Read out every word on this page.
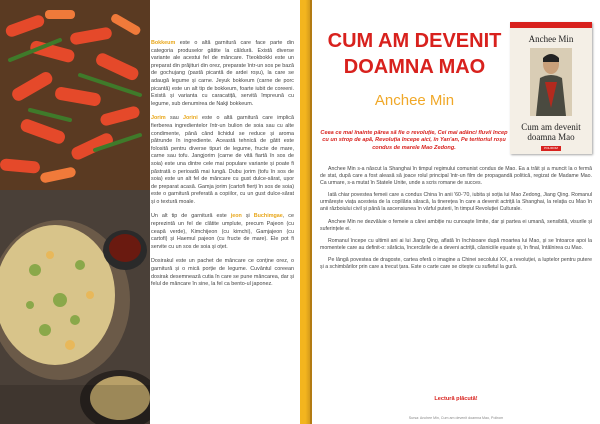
Bokkeum este o altă garnitură care face parte din categoria produselor gătite la căldură. Există diverse variante ale acestui fel de mâncare. Tteokbokki este un preparat din prăjituri din orez, preparate într-un sos pe bază de gochujang (pastă picantă de ardei roșu), la care se adaugă legume și carne. Jeyuk bokkeum (carne de porc picantă) este un alt tip de bokkeum, foarte iubit de coreeni. Există și varianta cu caracatiță, servită împreună cu legume, sub denumirea de Nakji bokkeum.

Jorim sau Jorini este o altă garnitură care implică fierberea ingredientelor într-un bulion de soia sau cu alte condimente, până când lichidul se reduce și aroma pătrunde în ingrediente. Această tehnică de gătit este folosită pentru diverse tipuri de legume, fructe de mare, carne sau tofu. Jangjorim (carne de vită fiartă în sos de soia) este una dintre cele mai populare variante și poate fi păstrată o perioadă mai lungă. Dubu jorim (tofu în sos de soia) este un alt fel de mâncare cu gust dulce-sărat, ușor de preparat acasă. Gamja jorim (cartofi fierți în sos de soia) este o garnitură preferată a copiilor, cu un gust dulce-sărat și o textură moale.

Un alt tip de garnitură este jeon și Buchimgae, ce reprezintă un fel de clătite umplute, precum Pajeon (cu ceapă verde), Kimchijeon (cu kimchi), Gamjajeon (cu cartofi) și Haemul pajeon (cu fructe de mare). Ele pot fi servite cu un sos de soia și oțet.

Dosirakul este un pachet de mâncare ce conține orez, o garnitură și o mică porție de legume. Cuvântul coreean dosirak desemnează cutia în care se pune mâncarea, dar și felul de mâncare în sine, la fel ca bento-ul japonez.

CUM AM DEVENIT DOAMNA MAO
Anchee Min
Ceea ce mai înainte părea să fie o revoluție, Cei mai adânci fluvii încep cu un strop de apă, Revoluția începe aici, în Yan'an, Pe teritoriul roșu condus de marele Mao Zedong.
Anchee Min
Cum am devenit doamna Mao
POLIROM

Anchee Min s-a născut la Shanghai în timpul regimului comunist condus de Mao. Ea a trăit și a muncit la o fermă de stat, după care a fost aleasă să joace rolul principal într-un film de propagandă politică, regizat de Madame Mao. Ca urmare, s-a mutat în Statele Unite, unde a scris romane de succes.

Iată chiar povestea femeii care a condus China în anii '60-'70, iubita și soția lui Mao Zedong, Jiang Qing. Romanul urmărește viața acesteia de la copilăria săracă, la tinerețea în care a devenit actriță la Shanghai, la relația cu Mao în anii războiului civil și până la ascensiunea în vârful puterii, în timpul Revoluției Culturale.

Anchee Min ne dezvăluie o femeie a cărei ambiție nu cunoaște limite, dar și partea ei umană, sensibilă, visurile și suferințele ei.

Romanul începe cu ultimii ani ai lui Jiang Qing, aflată în închisoare după moartea lui Mao, și se întoarce apoi la momentele care au definit-o: sărăcia, încercările de a deveni actriță, căsniciile eșuate și, în final, întâlnirea cu Mao.

Pe lângă povestea de dragoste, cartea oferă o imagine a Chinei secolului XX, a revoluției, a luptelor pentru putere și a schimbărilor prin care a trecut țara. Este o carte care se citește cu sufletul la gură.

Lectură plăcută!
Sursa: Anchee Min, Cum am devenit doamna Mao, Polirom
